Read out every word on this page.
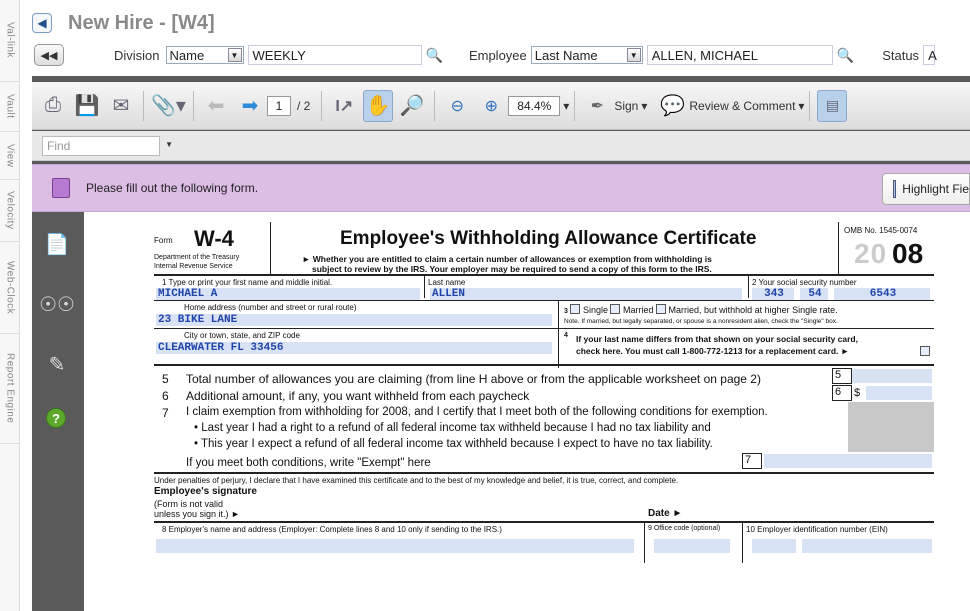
Val-link
Vault
View
Velocity
Web-Clock
Report Engine
◀ New Hire - [W4]
◀◀	Division Name	▼	WEEKLY	🔍 Employee Last Name	▼	ALLEN, MICHAEL	🔍 Status A
⎙ 💾 ✉	📎▾	⬅ ➡	1	/ 2	I↗ ✋ 🔎	⊖	⊕	84.4% ▾	✒ Sign ▾ 💬 Review & Comment ▾	▤
Find	▼
Please fill out the following form.	Highlight Fie
📄
☉☉
✎
?
Form W-4
Department of the Treasury
Internal Revenue Service
Employee's Withholding Allowance Certificate
► Whether you are entitled to claim a certain number of allowances or exemption from withholding is
subject to review by the IRS. Your employer may be required to send a copy of this form to the IRS.
OMB No. 1545-0074
20 08
1 Type or print your first name and middle initial.	Last name	2 Your social security number
MICHAEL A	ALLEN	343	54	6543
Home address (number and street or rural route)
23 BIKE LANE
3 Single Married Married, but withhold at higher Single rate.
Note. If married, but legally separated, or spouse is a nonresident alien, check the "Single" box.
City or town, state, and ZIP code
CLEARWATER FL 33456
4 If your last name differs from that shown on your social security card,
check here. You must call 1-800-772-1213 for a replacement card. ►
5 Total number of allowances you are claiming (from line H above or from the applicable worksheet on page 2)	5
6 Additional amount, if any, you want withheld from each paycheck	6	$
7 I claim exemption from withholding for 2008, and I certify that I meet both of the following conditions for exemption.
• Last year I had a right to a refund of all federal income tax withheld because I had no tax liability and
• This year I expect a refund of all federal income tax withheld because I expect to have no tax liability.
If you meet both conditions, write "Exempt" here	7
Under penalties of perjury, I declare that I have examined this certificate and to the best of my knowledge and belief, it is true, correct, and complete.
Employee's signature
(Form is not valid
unless you sign it.) ►	Date ►
8 Employer's name and address (Employer: Complete lines 8 and 10 only if sending to the IRS.)	9 Office code (optional)	10 Employer identification number (EIN)
